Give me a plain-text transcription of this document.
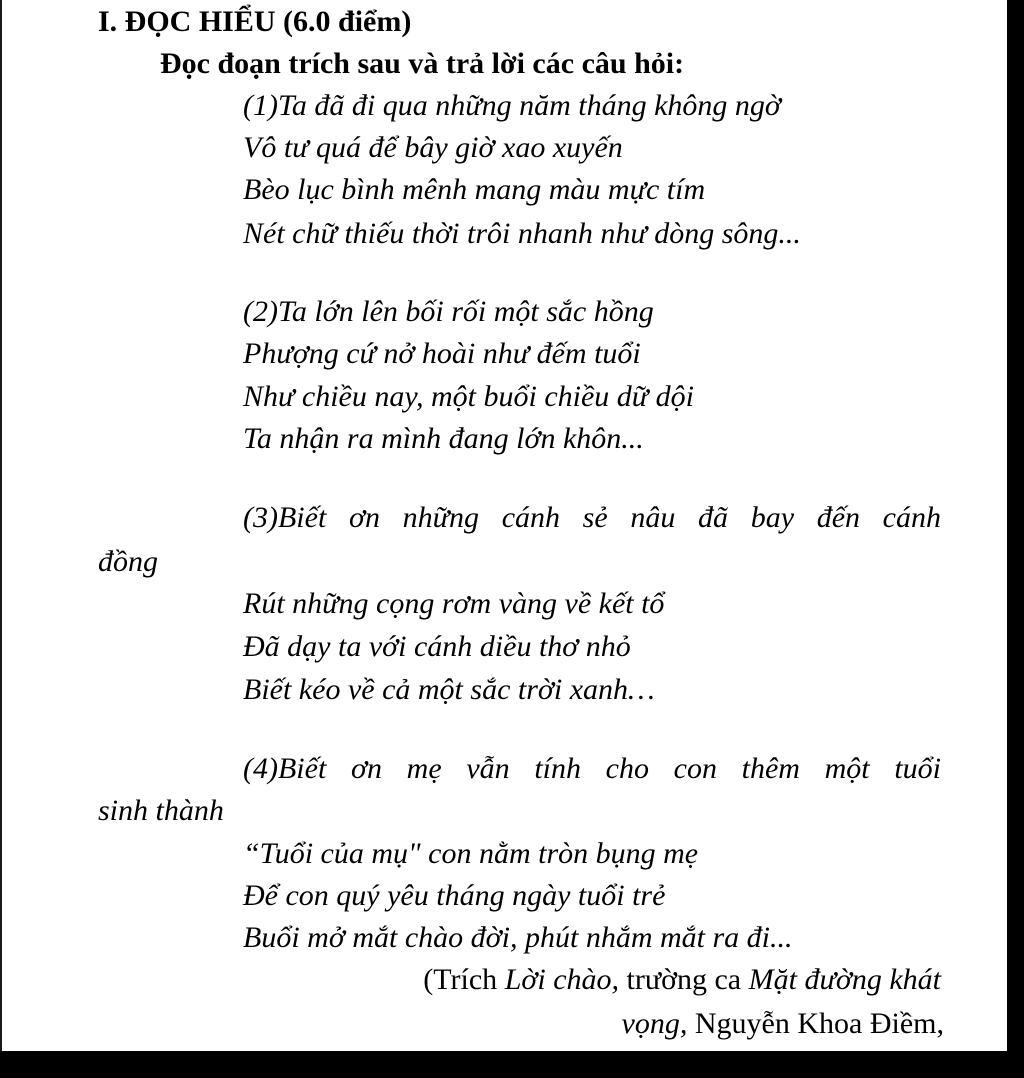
I. ĐỌC HIỂU (6.0 điểm)
Đọc đoạn trích sau và trả lời các câu hỏi:
(1)Ta đã đi qua những năm tháng không ngờ
Vô tư quá để bây giờ xao xuyến
Bèo lục bình mênh mang màu mực tím
Nét chữ thiếu thời trôi nhanh như dòng sông...
(2)Ta lớn lên bối rối một sắc hồng
Phượng cứ nở hoài như đếm tuổi
Như chiều nay, một buổi chiều dữ dội
Ta nhận ra mình đang lớn khôn...
(3)Biết ơn những cánh sẻ nâu đã bay đến cánh
đồng
Rút những cọng rơm vàng về kết tổ
Đã dạy ta với cánh diều thơ nhỏ
Biết kéo về cả một sắc trời xanh…
(4)Biết ơn mẹ vẫn tính cho con thêm một tuổi
sinh thành
“Tuổi của mụ" con nằm tròn bụng mẹ
Để con quý yêu tháng ngày tuổi trẻ
Buổi mở mắt chào đời, phút nhắm mắt ra đi...
(Trích Lời chào, trường ca Mặt đường khát
vọng, Nguyễn Khoa Điềm,
~
